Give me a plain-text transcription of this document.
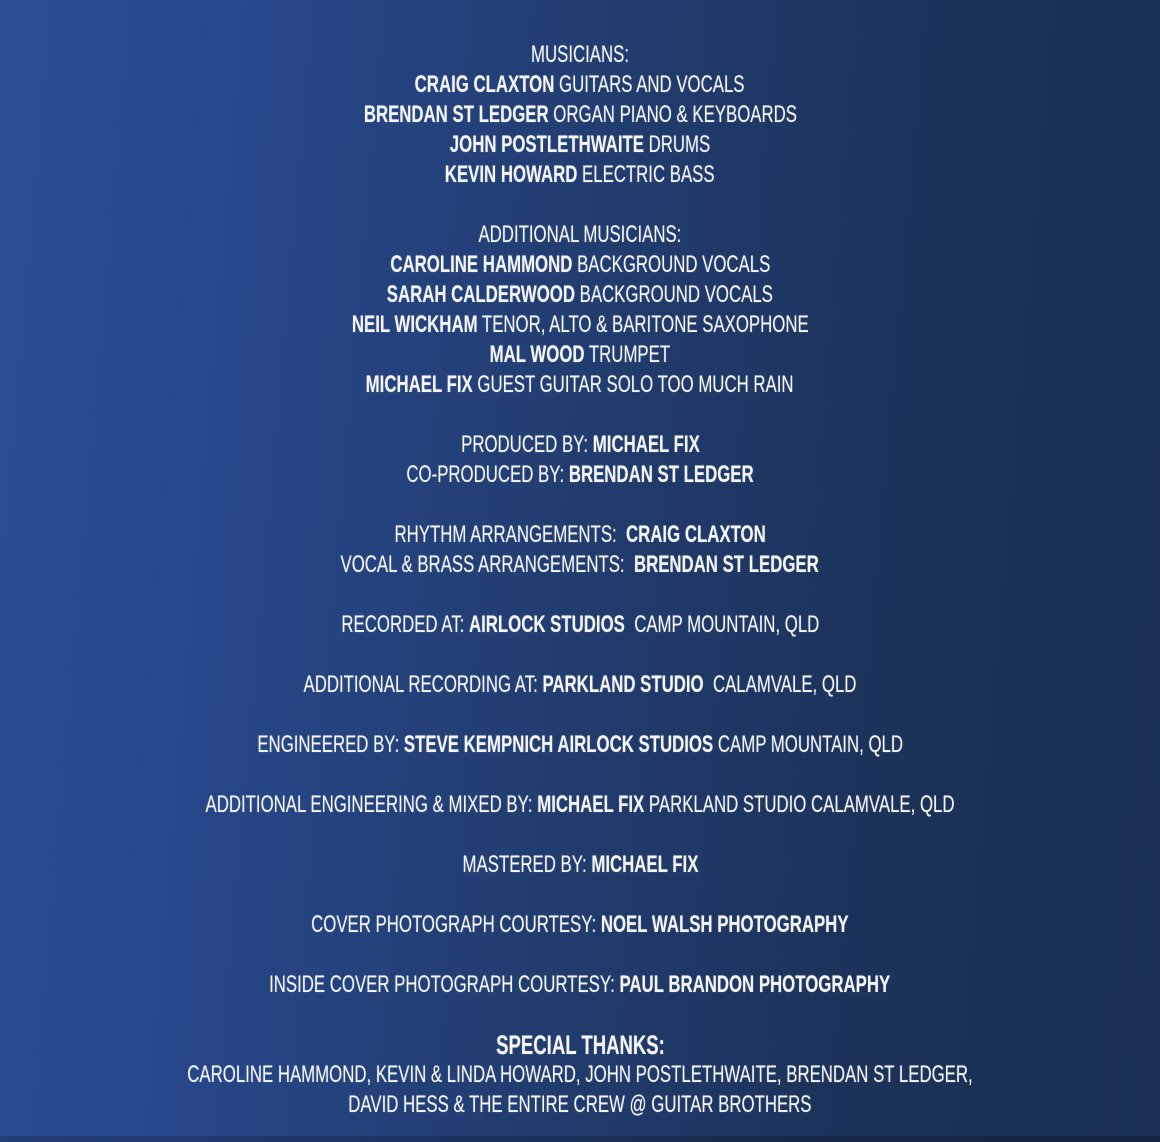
MUSICIANS:
CRAIG CLAXTON GUITARS AND VOCALS
BRENDAN ST LEDGER ORGAN PIANO & KEYBOARDS
JOHN POSTLETHWAITE DRUMS
KEVIN HOWARD ELECTRIC BASS
ADDITIONAL MUSICIANS:
CAROLINE HAMMOND BACKGROUND VOCALS
SARAH CALDERWOOD BACKGROUND VOCALS
NEIL WICKHAM TENOR, ALTO & BARITONE SAXOPHONE
MAL WOOD TRUMPET
MICHAEL FIX GUEST GUITAR SOLO TOO MUCH RAIN
PRODUCED BY: MICHAEL FIX
CO-PRODUCED BY: BRENDAN ST LEDGER
RHYTHM ARRANGEMENTS:  CRAIG CLAXTON
VOCAL & BRASS ARRANGEMENTS:  BRENDAN ST LEDGER
RECORDED AT: AIRLOCK STUDIOS  CAMP MOUNTAIN, QLD
ADDITIONAL RECORDING AT: PARKLAND STUDIO  CALAMVALE, QLD
ENGINEERED BY: STEVE KEMPNICH AIRLOCK STUDIOS CAMP MOUNTAIN, QLD
ADDITIONAL ENGINEERING & MIXED BY: MICHAEL FIX PARKLAND STUDIO CALAMVALE, QLD
MASTERED BY: MICHAEL FIX
COVER PHOTOGRAPH COURTESY: NOEL WALSH PHOTOGRAPHY
INSIDE COVER PHOTOGRAPH COURTESY: PAUL BRANDON PHOTOGRAPHY
SPECIAL THANKS:
CAROLINE HAMMOND, KEVIN & LINDA HOWARD, JOHN POSTLETHWAITE, BRENDAN ST LEDGER,
DAVID HESS & THE ENTIRE CREW @ GUITAR BROTHERS
